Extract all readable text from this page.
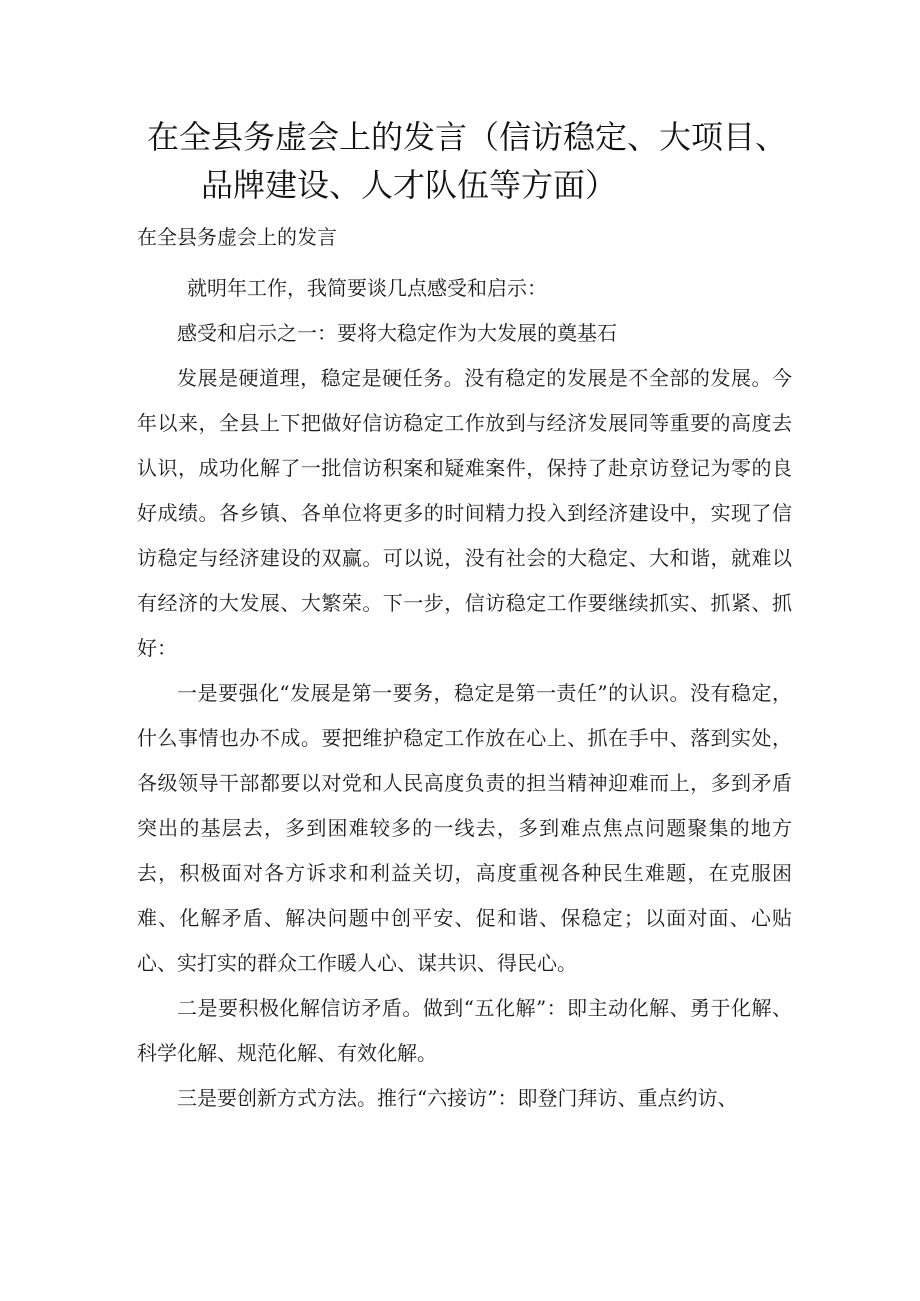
在全县务虚会上的发言（信访稳定、大项目、
品牌建设、人才队伍等方面）
在全县务虚会上的发言

就明年工作，我简要谈几点感受和启示：

感受和启示之一：要将大稳定作为大发展的奠基石

发展是硬道理，稳定是硬任务。没有稳定的发展是不全部的发展。今年以来，全县上下把做好信访稳定工作放到与经济发展同等重要的高度去认识，成功化解了一批信访积案和疑难案件，保持了赴京访登记为零的良好成绩。各乡镇、各单位将更多的时间精力投入到经济建设中，实现了信访稳定与经济建设的双赢。可以说，没有社会的大稳定、大和谐，就难以有经济的大发展、大繁荣。下一步，信访稳定工作要继续抓实、抓紧、抓好：

一是要强化“发展是第一要务，稳定是第一责任”的认识。没有稳定，什么事情也办不成。要把维护稳定工作放在心上、抓在手中、落到实处，各级领导干部都要以对党和人民高度负责的担当精神迎难而上，多到矛盾突出的基层去，多到困难较多的一线去，多到难点焦点问题聚集的地方去，积极面对各方诉求和利益关切，高度重视各种民生难题，在克服困难、化解矛盾、解决问题中创平安、促和谐、保稳定；以面对面、心贴心、实打实的群众工作暖人心、谋共识、得民心。

二是要积极化解信访矛盾。做到“五化解”：即主动化解、勇于化解、科学化解、规范化解、有效化解。

三是要创新方式方法。推行“六接访”：即登门拜访、重点约访、
